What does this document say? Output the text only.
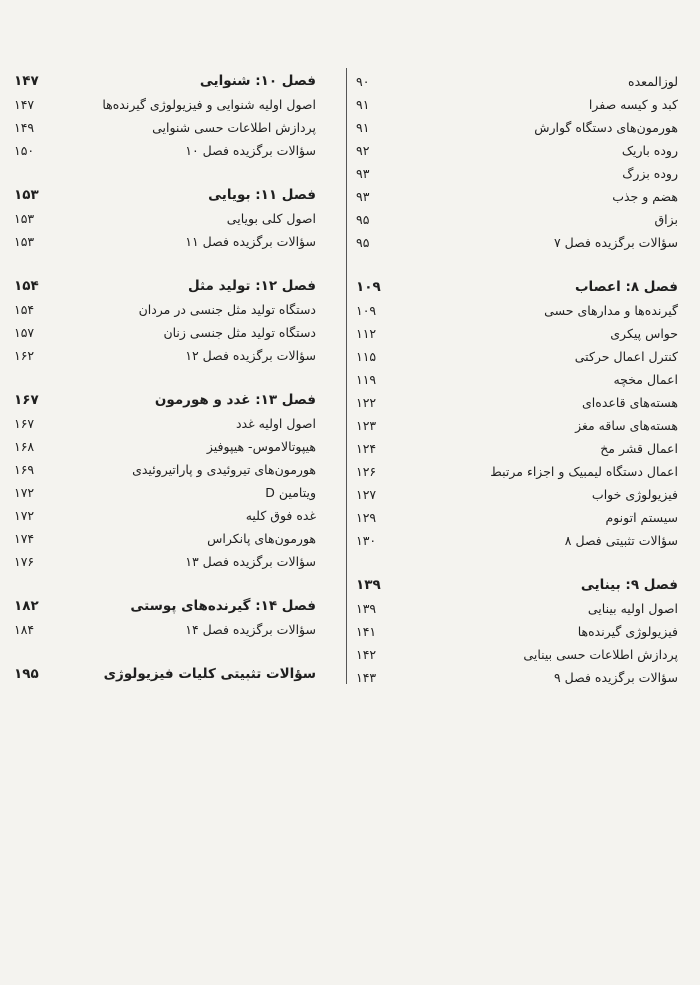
لوزالمعده
۹۰
کبد و کیسه صفرا
۹۱
هورمون‌های دستگاه گوارش
۹۱
روده باریک
۹۲
روده بزرگ
۹۳
هضم و جذب
۹۳
بزاق
۹۵
سؤالات برگزیده فصل ۷
۹۵
فصل ۸: اعصاب
۱۰۹
گیرنده‌ها و مدارهای حسی
۱۰۹
حواس پیکری
۱۱۲
کنترل اعمال حرکتی
۱۱۵
اعمال مخچه
۱۱۹
هسته‌های قاعده‌ای
۱۲۲
هسته‌های ساقه مغز
۱۲۳
اعمال قشر مخ
۱۲۴
اعمال دستگاه لیمبیک و اجزاء مرتبط
۱۲۶
فیزیولوژی خواب
۱۲۷
سیستم اتونوم
۱۲۹
سؤالات تثبیتی فصل ۸
۱۳۰
فصل ۹: بینایی
۱۳۹
اصول اولیه بینایی
۱۳۹
فیزیولوژی گیرنده‌ها
۱۴۱
پردازش اطلاعات حسی بینایی
۱۴۲
سؤالات برگزیده فصل ۹
۱۴۳
فصل ۱۰: شنوایی
۱۴۷
اصول اولیه شنوایی و فیزیولوژی گیرنده‌ها
۱۴۷
پردازش اطلاعات حسی شنوایی
۱۴۹
سؤالات برگزیده فصل ۱۰
۱۵۰
فصل ۱۱: بویایی
۱۵۳
اصول کلی بویایی
۱۵۳
سؤالات برگزیده فصل ۱۱
۱۵۳
فصل ۱۲: تولید مثل
۱۵۴
دستگاه تولید مثل جنسی در مردان
۱۵۴
دستگاه تولید مثل جنسی زنان
۱۵۷
سؤالات برگزیده فصل ۱۲
۱۶۲
فصل ۱۳: غدد و هورمون
۱۶۷
اصول اولیه غدد
۱۶۷
هیپوتالاموس- هیپوفیز
۱۶۸
هورمون‌های تیروئیدی و پاراتیروئیدی
۱۶۹
ویتامین D
۱۷۲
غده فوق کلیه
۱۷۲
هورمون‌های پانکراس
۱۷۴
سؤالات برگزیده فصل ۱۳
۱۷۶
فصل ۱۴: گیرنده‌های پوستی
۱۸۲
سؤالات برگزیده فصل ۱۴
۱۸۴
سؤالات تثبیتی کلیات فیزیولوژی
۱۹۵
